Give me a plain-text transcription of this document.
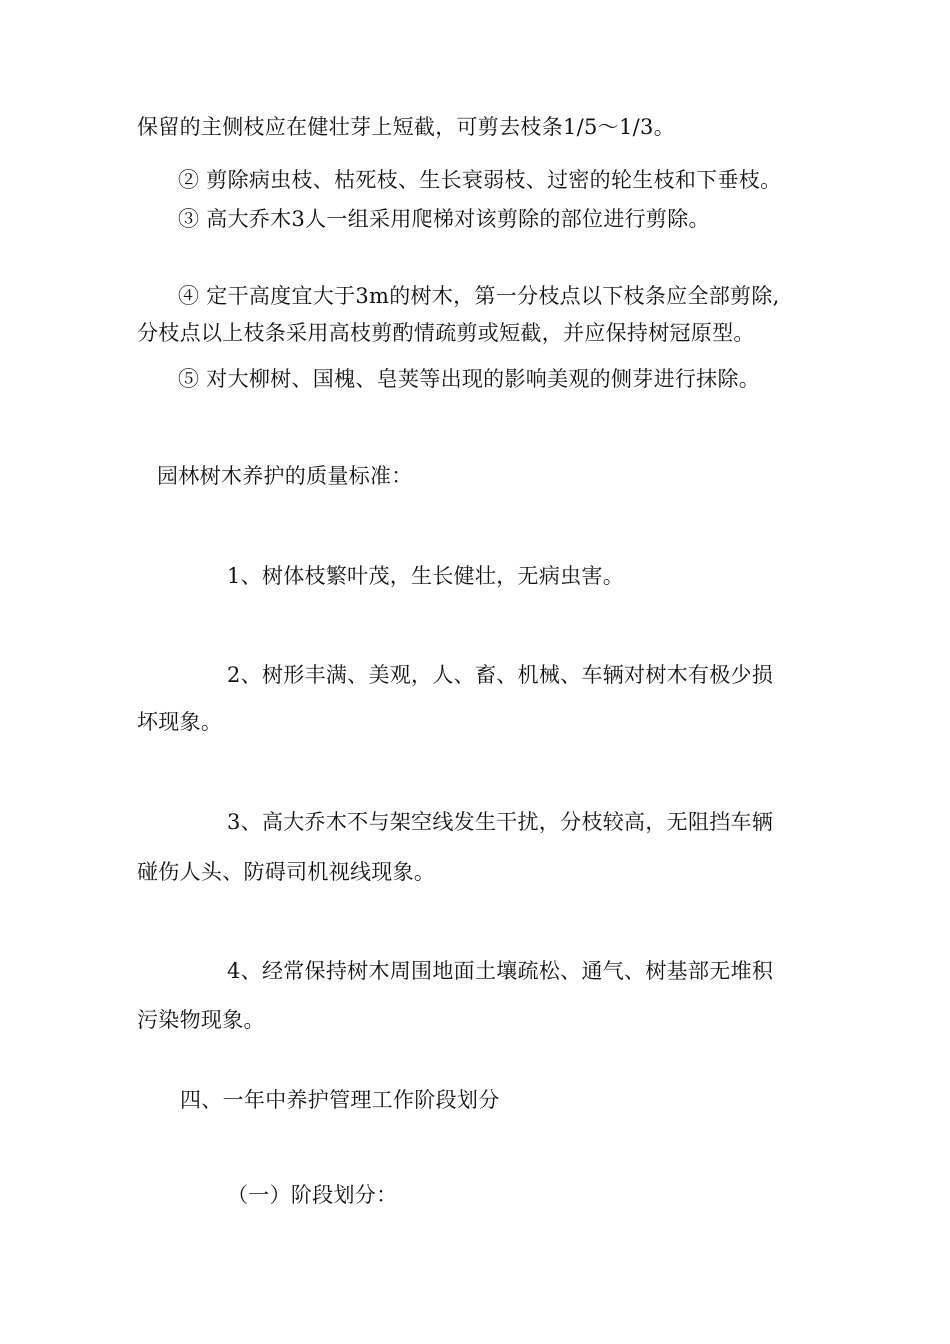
保留的主侧枝应在健壮芽上短截，可剪去枝条1/5～1/3。
② 剪除病虫枝、枯死枝、生长衰弱枝、过密的轮生枝和下垂枝。
③ 高大乔木3人一组采用爬梯对该剪除的部位进行剪除。
④ 定干高度宜大于3m的树木，第一分枝点以下枝条应全部剪除,
分枝点以上枝条采用高枝剪酌情疏剪或短截，并应保持树冠原型。
⑤ 对大柳树、国槐、皂荚等出现的影响美观的侧芽进行抹除。
园林树木养护的质量标准：
1、树体枝繁叶茂，生长健壮，无病虫害。
2、树形丰满、美观，人、畜、机械、车辆对树木有极少损
坏现象。
3、高大乔木不与架空线发生干扰，分枝较高，无阻挡车辆
碰伤人头、防碍司机视线现象。
4、经常保持树木周围地面土壤疏松、通气、树基部无堆积
污染物现象。
四、一年中养护管理工作阶段划分
（一）阶段划分：
